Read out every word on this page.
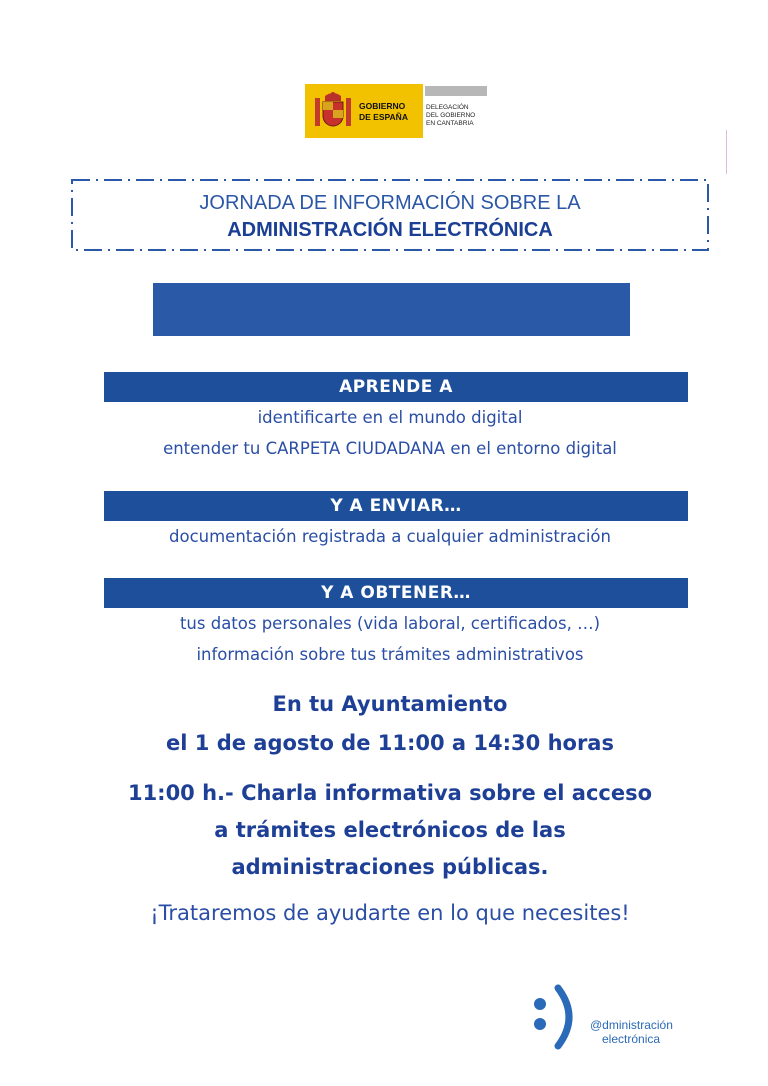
GOBIERNO
DE ESPAÑA
DELEGACIÓN
DEL GOBIERNO
EN CANTABRIA
JORNADA DE INFORMACIÓN SOBRE LA
ADMINISTRACIÓN ELECTRÓNICA
APRENDE A
identificarte en el mundo digital
entender tu CARPETA CIUDADANA en el entorno digital
Y A ENVIAR…
documentación registrada a cualquier administración
Y A OBTENER…
tus datos personales (vida laboral, certificados, …)
información sobre tus trámites administrativos
En tu Ayuntamiento
el 1 de agosto de 11:00 a 14:30 horas
11:00 h.- Charla informativa sobre el acceso
a trámites electrónicos de las
administraciones públicas.
¡Trataremos de ayudarte en lo que necesites!
@dministración
electrónica
